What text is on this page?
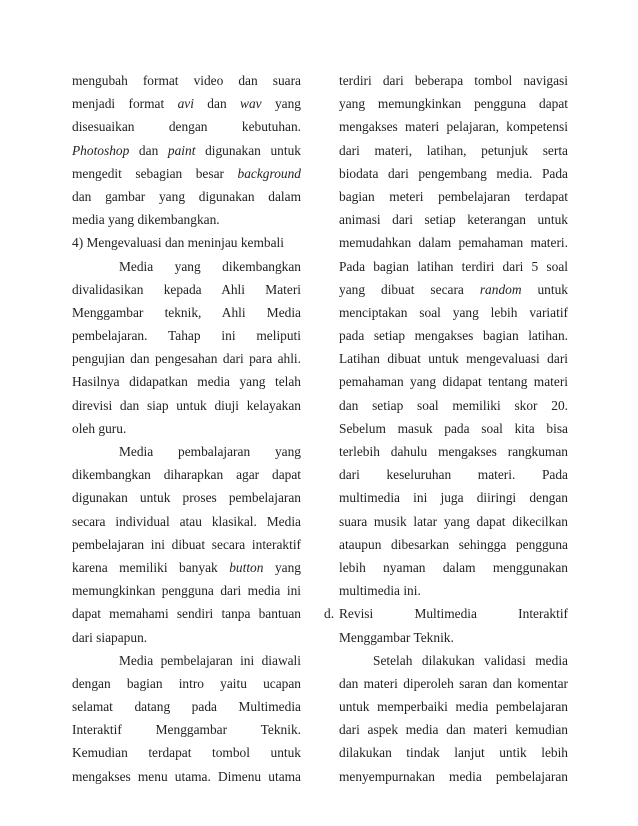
mengubah format video dan suara
menjadi format avi dan wav yang
disesuaikan dengan kebutuhan.
Photoshop dan paint digunakan untuk
mengedit sebagian besar background
dan gambar yang digunakan dalam
media yang dikembangkan.
4) Mengevaluasi dan meninjau kembali
Media yang dikembangkan
divalidasikan kepada Ahli Materi
Menggambar teknik, Ahli Media
pembelajaran. Tahap ini meliputi
pengujian dan pengesahan dari para ahli.
Hasilnya didapatkan media yang telah
direvisi dan siap untuk diuji kelayakan
oleh guru.
Media pembalajaran yang
dikembangkan diharapkan agar dapat
digunakan untuk proses pembelajaran
secara individual atau klasikal. Media
pembelajaran ini dibuat secara interaktif
karena memiliki banyak button yang
memungkinkan pengguna dari media ini
dapat memahami sendiri tanpa bantuan
dari siapapun.
Media pembelajaran ini diawali
dengan bagian intro yaitu ucapan
selamat datang pada Multimedia
Interaktif Menggambar Teknik.
Kemudian terdapat tombol untuk
mengakses menu utama. Dimenu utama
terdiri dari beberapa tombol navigasi
yang memungkinkan pengguna dapat
mengakses materi pelajaran, kompetensi
dari materi, latihan, petunjuk serta
biodata dari pengembang media. Pada
bagian meteri pembelajaran terdapat
animasi dari setiap keterangan untuk
memudahkan dalam pemahaman materi.
Pada bagian latihan terdiri dari 5 soal
yang dibuat secara random untuk
menciptakan soal yang lebih variatif
pada setiap mengakses bagian latihan.
Latihan dibuat untuk mengevaluasi dari
pemahaman yang didapat tentang materi
dan setiap soal memiliki skor 20.
Sebelum masuk pada soal kita bisa
terlebih dahulu mengakses rangkuman
dari keseluruhan materi. Pada
multimedia ini juga diiringi dengan
suara musik latar yang dapat dikecilkan
ataupun dibesarkan sehingga pengguna
lebih nyaman dalam menggunakan
multimedia ini.
d. Revisi Multimedia Interaktif
Menggambar Teknik.
Setelah dilakukan validasi media
dan materi diperoleh saran dan komentar
untuk memperbaiki media pembelajaran
dari aspek media dan materi kemudian
dilakukan tindak lanjut untik lebih
menyempurnakan media pembelajaran
